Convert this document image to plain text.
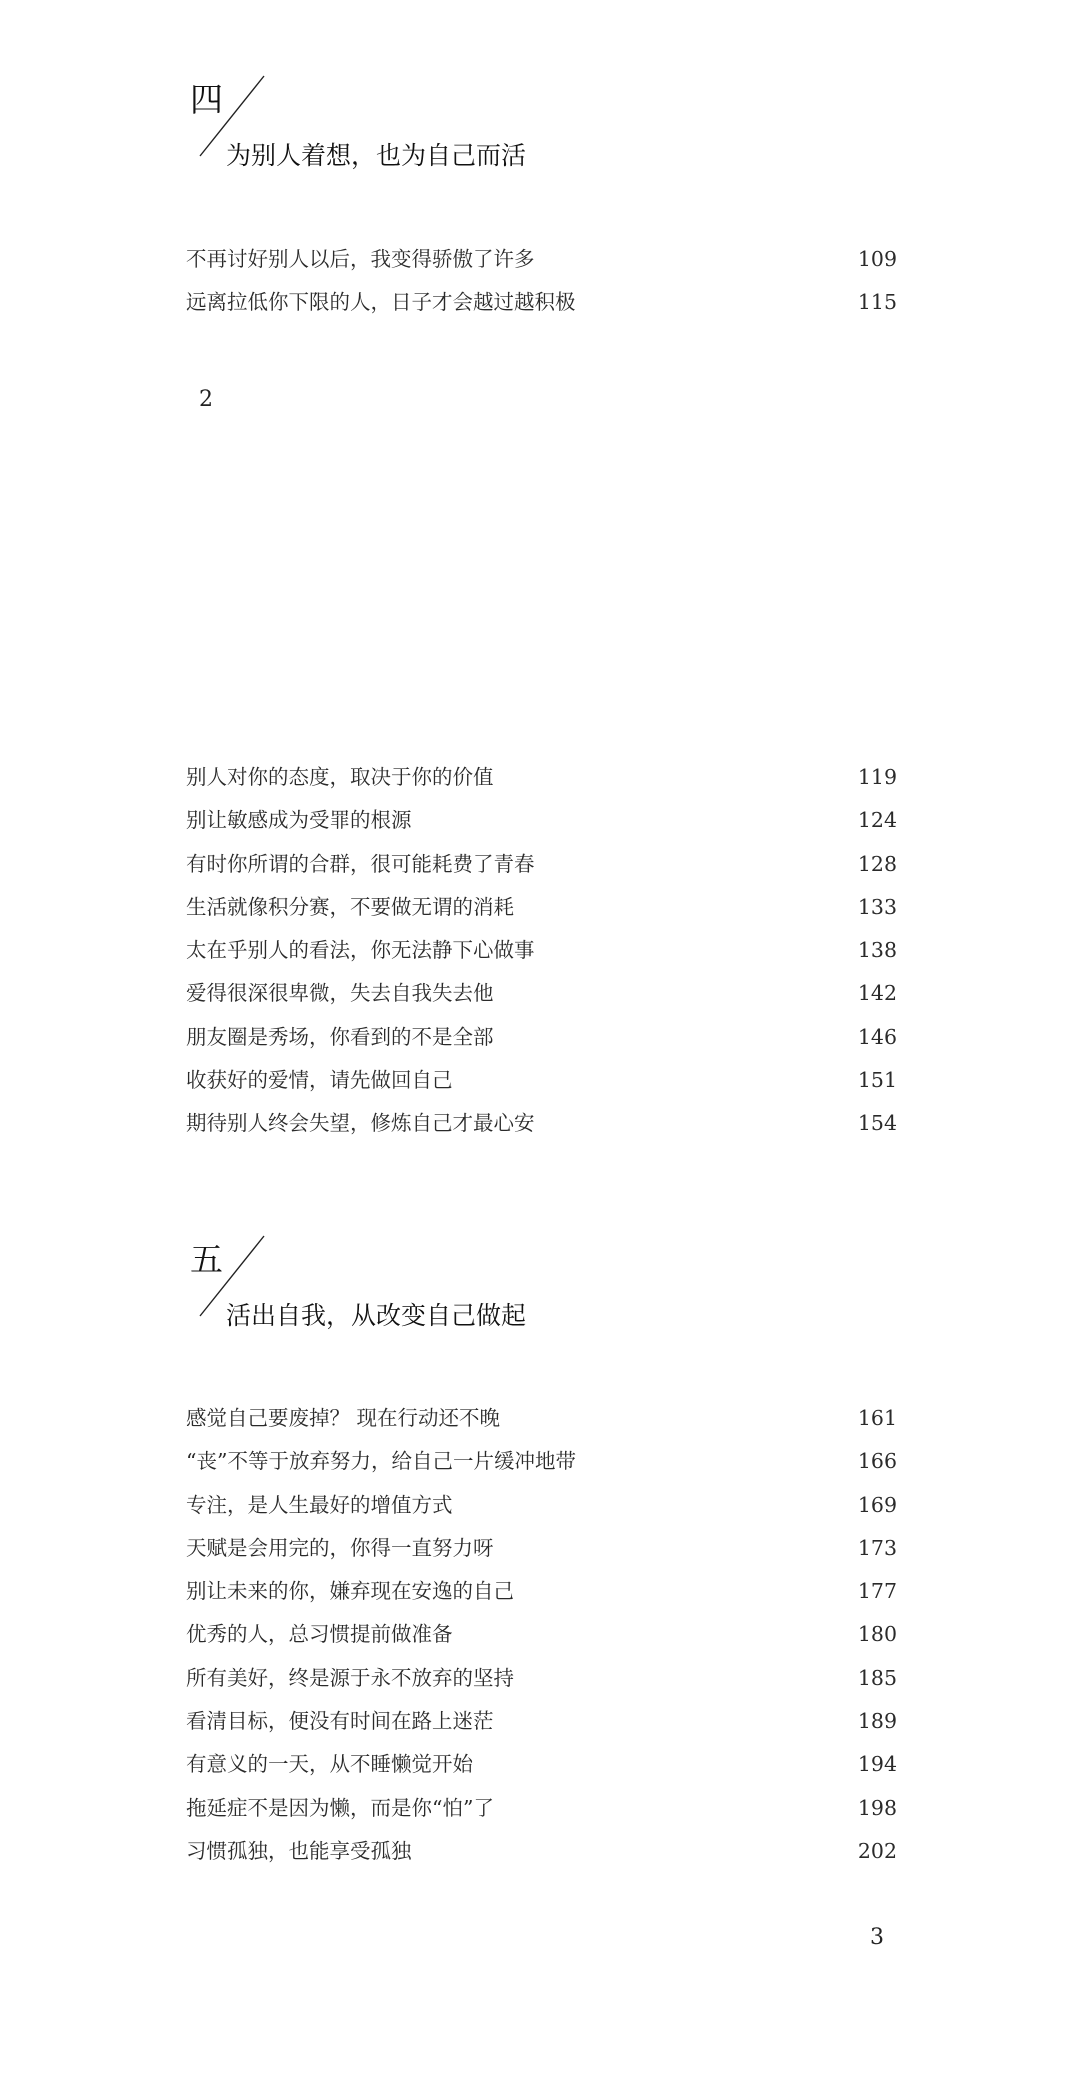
四
为别人着想，也为自己而活
不再讨好别人以后，我变得骄傲了许多	109
远离拉低你下限的人，日子才会越过越积极	115
2
别人对你的态度，取决于你的价值	119
别让敏感成为受罪的根源	124
有时你所谓的合群，很可能耗费了青春	128
生活就像积分赛，不要做无谓的消耗	133
太在乎别人的看法，你无法静下心做事	138
爱得很深很卑微，失去自我失去他	142
朋友圈是秀场，你看到的不是全部	146
收获好的爱情，请先做回自己	151
期待别人终会失望，修炼自己才最心安	154
五
活出自我，从改变自己做起
感觉自己要废掉？ 现在行动还不晚	161
“丧”不等于放弃努力，给自己一片缓冲地带	166
专注，是人生最好的增值方式	169
天赋是会用完的，你得一直努力呀	173
别让未来的你，嫌弃现在安逸的自己	177
优秀的人，总习惯提前做准备	180
所有美好，终是源于永不放弃的坚持	185
看清目标，便没有时间在路上迷茫	189
有意义的一天，从不睡懒觉开始	194
拖延症不是因为懒，而是你“怕”了	198
习惯孤独，也能享受孤独	202
3
